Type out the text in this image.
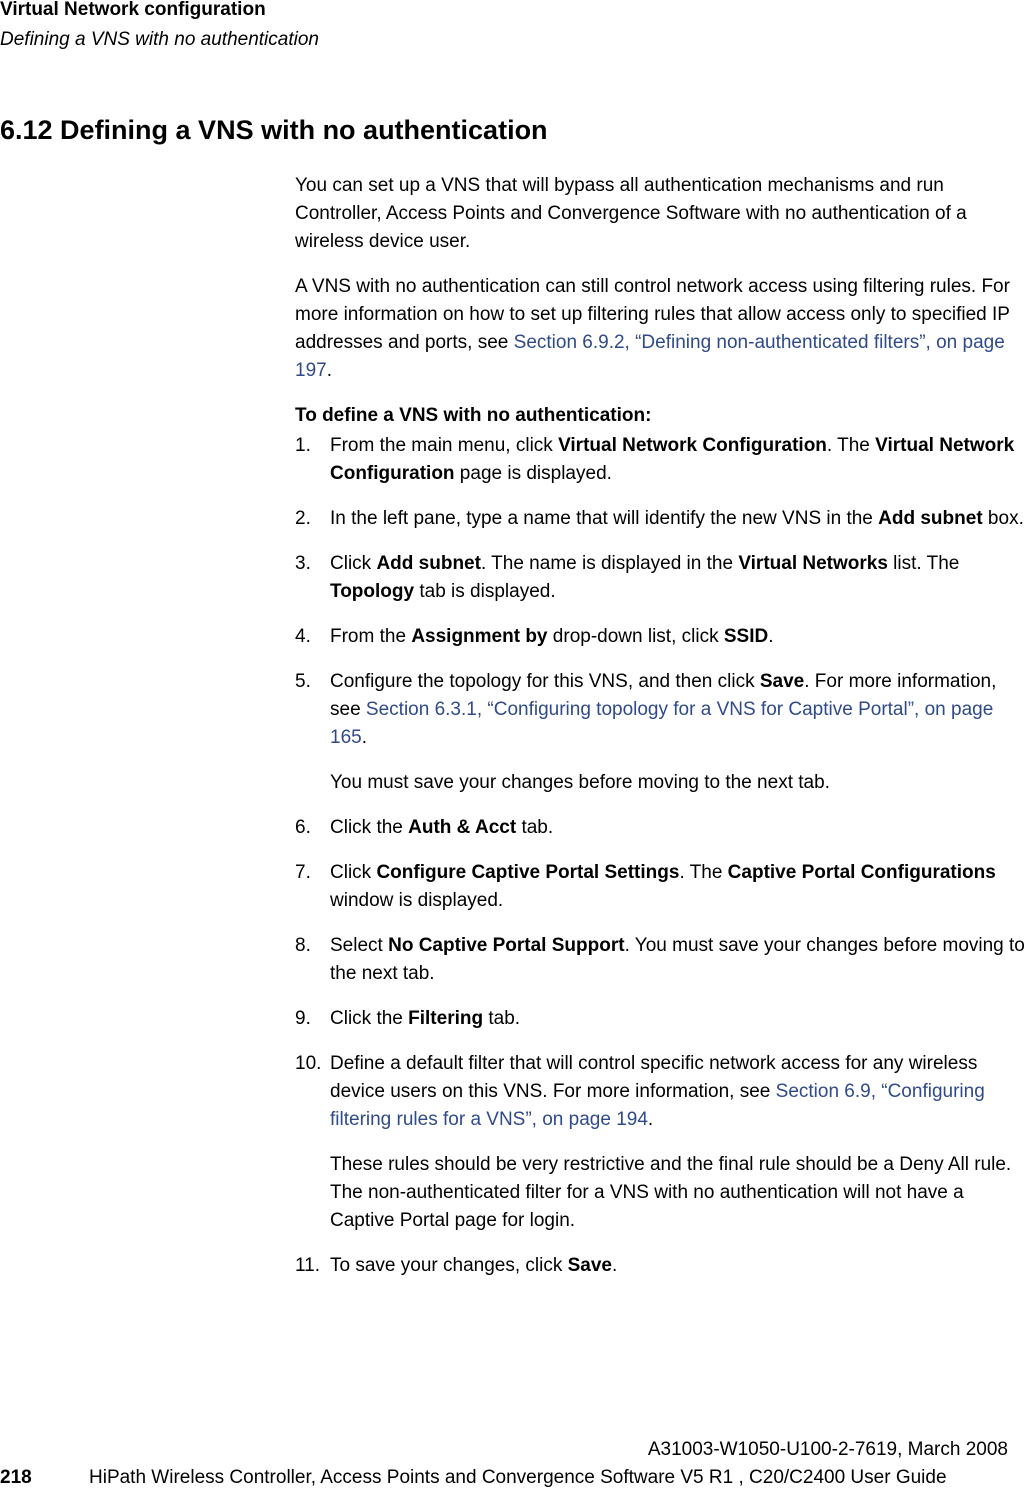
Virtual Network configuration
Defining a VNS with no authentication
6.12 Defining a VNS with no authentication

You can set up a VNS that will bypass all authentication mechanisms and run Controller, Access Points and Convergence Software with no authentication of a wireless device user.

A VNS with no authentication can still control network access using filtering rules. For more information on how to set up filtering rules that allow access only to specified IP addresses and ports, see Section 6.9.2, “Defining non-authenticated filters”, on page 197.

To define a VNS with no authentication:
1. From the main menu, click Virtual Network Configuration. The Virtual Network Configuration page is displayed.
2. In the left pane, type a name that will identify the new VNS in the Add subnet box.
3. Click Add subnet. The name is displayed in the Virtual Networks list. The Topology tab is displayed.
4. From the Assignment by drop-down list, click SSID.
5. Configure the topology for this VNS, and then click Save. For more information, see Section 6.3.1, “Configuring topology for a VNS for Captive Portal”, on page 165.

You must save your changes before moving to the next tab.

6. Click the Auth & Acct tab.
7. Click Configure Captive Portal Settings. The Captive Portal Configurations window is displayed.
8. Select No Captive Portal Support. You must save your changes before moving to the next tab.
9. Click the Filtering tab.
10. Define a default filter that will control specific network access for any wireless device users on this VNS. For more information, see Section 6.9, “Configuring filtering rules for a VNS”, on page 194.

These rules should be very restrictive and the final rule should be a Deny All rule. The non-authenticated filter for a VNS with no authentication will not have a Captive Portal page for login.

11. To save your changes, click Save.
A31003-W1050-U100-2-7619, March 2008
218	HiPath Wireless Controller, Access Points and Convergence Software V5 R1 , C20/C2400 User Guide
